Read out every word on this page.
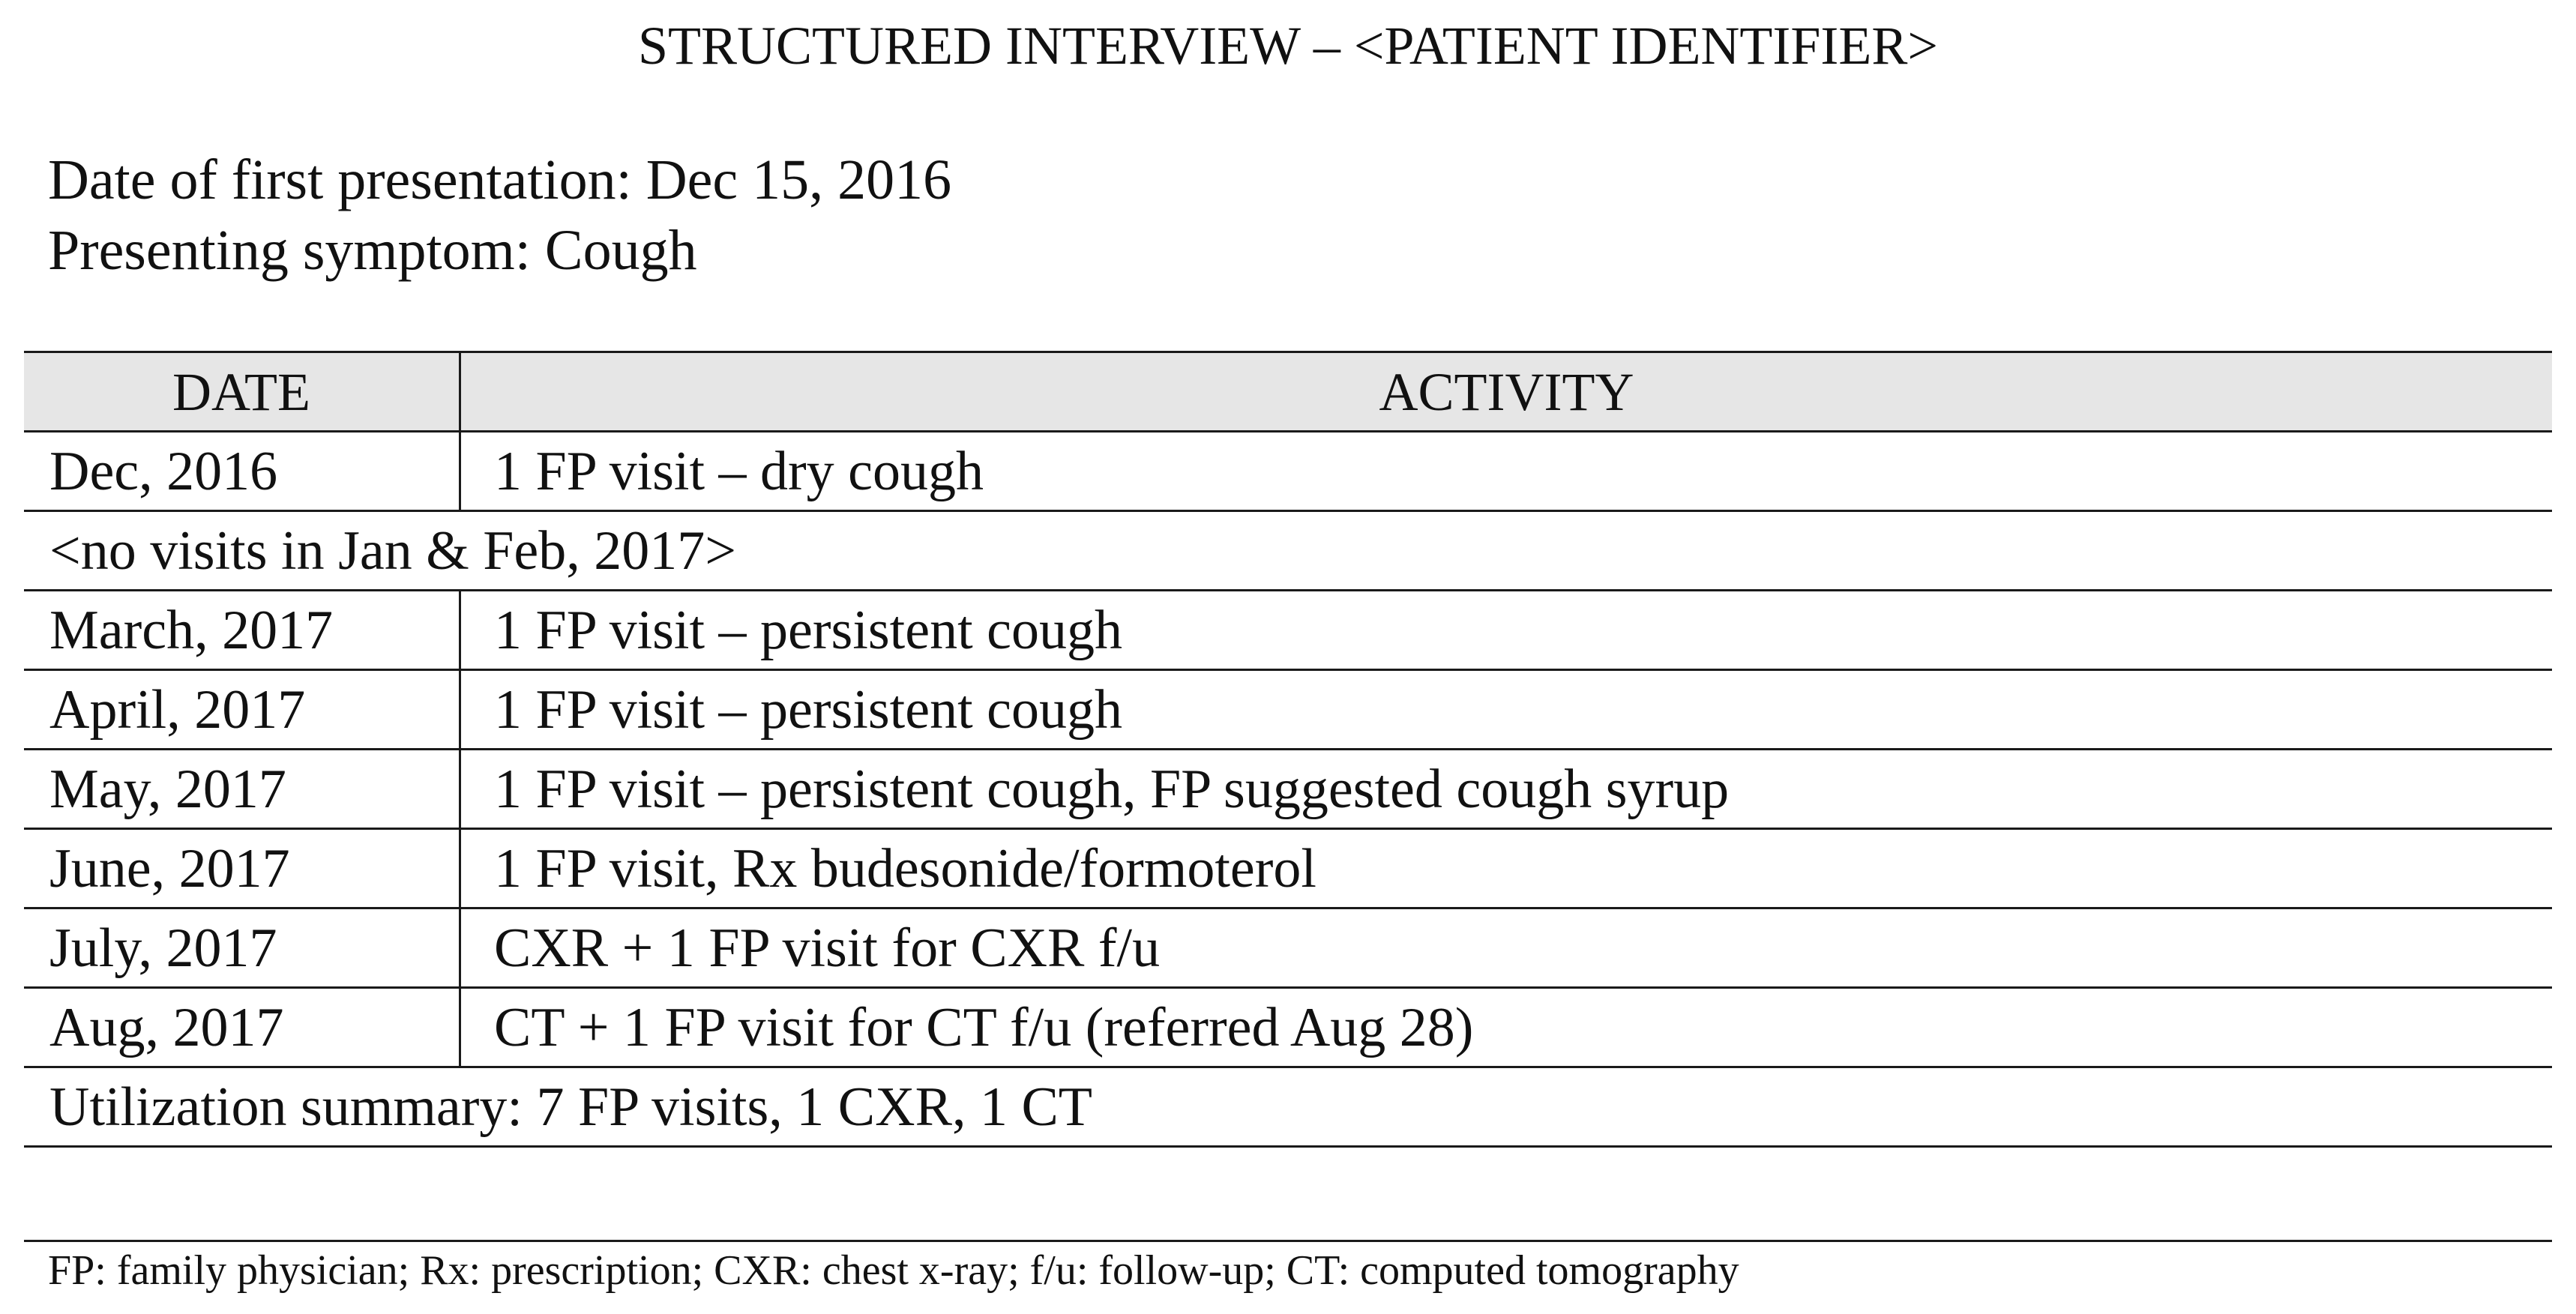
STRUCTURED INTERVIEW – <PATIENT IDENTIFIER>
Date of first presentation: Dec 15, 2016
Presenting symptom: Cough
DATE	ACTIVITY
Dec, 2016	1 FP visit – dry cough
<no visits in Jan & Feb, 2017>	
March, 2017	1 FP visit – persistent cough
April, 2017	1 FP visit – persistent cough
May, 2017	1 FP visit – persistent cough, FP suggested cough syrup
June, 2017	1 FP visit, Rx budesonide/formoterol
July, 2017	CXR + 1 FP visit for CXR f/u
Aug, 2017	CT + 1 FP visit for CT f/u (referred Aug 28)
Utilization summary: 7 FP visits, 1 CXR, 1 CT	
FP: family physician; Rx: prescription; CXR: chest x-ray; f/u: follow-up; CT: computed tomography
